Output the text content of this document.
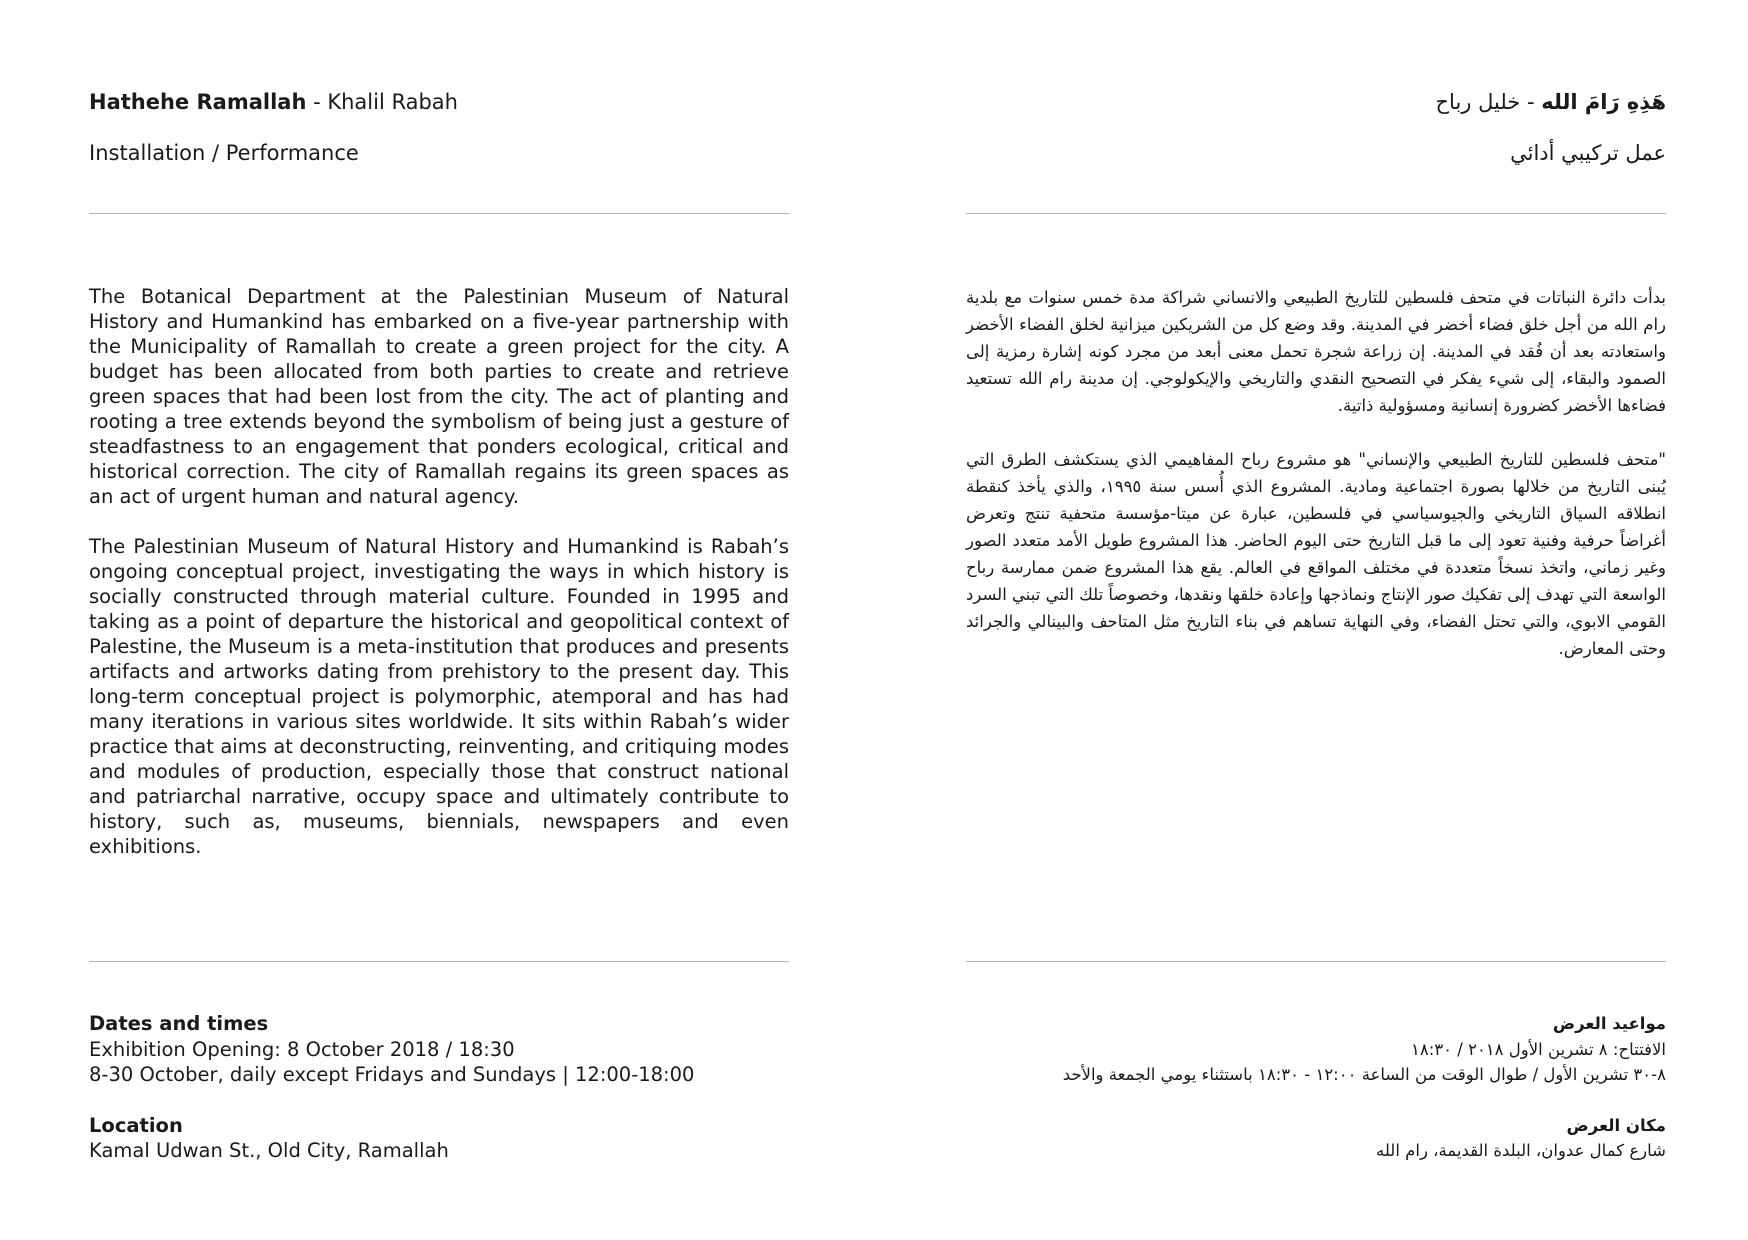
Hathehe Ramallah - Khalil Rabah
Installation / Performance

The Botanical Department at the Palestinian Museum of Natural History and Humankind has embarked on a five-year partnership with the Municipality of Ramallah to create a green project for the city. A budget has been allocated from both parties to create and retrieve green spaces that had been lost from the city. The act of planting and rooting a tree extends beyond the symbolism of being just a gesture of steadfastness to an engagement that ponders ecological, critical and historical correction. The city of Ramallah regains its green spaces as an act of urgent human and natural agency.

The Palestinian Museum of Natural History and Humankind is Rabah’s ongoing conceptual project, investigating the ways in which history is socially constructed through material culture. Founded in 1995 and taking as a point of departure the historical and geopolitical context of Palestine, the Museum is a meta-institution that produces and presents artifacts and artworks dating from prehistory to the present day. This long-term conceptual project is polymorphic, atemporal and has had many iterations in various sites worldwide. It sits within Rabah’s wider practice that aims at deconstructing, reinventing, and critiquing modes and modules of production, especially those that construct national and patriarchal narrative, occupy space and ultimately contribute to history, such as, museums, biennials, newspapers and even exhibitions.

Dates and times
Exhibition Opening: 8 October 2018 / 18:30
8-30 October, daily except Fridays and Sundays | 12:00-18:00
Location
Kamal Udwan St., Old City, Ramallah
هَذِهِ رَامَ الله - خليل رباح
عمل تركيبي أدائي

بدأت دائرة النباتات في متحف فلسطين للتاريخ الطبيعي والانساني شراكة مدة خمس سنوات مع بلدية رام الله من أجل خلق فضاء أخضر في المدينة. وقد وضع كل من الشريكين ميزانية لخلق الفضاء الأخضر واستعادته بعد أن فُقد في المدينة. إن زراعة شجرة تحمل معنى أبعد من مجرد كونه إشارة رمزية إلى الصمود والبقاء، إلى شيء يفكر في التصحيح النقدي والتاريخي والإيكولوجي. إن مدينة رام الله تستعيد فضاءها الأخضر كضرورة إنسانية ومسؤولية ذاتية.

"متحف فلسطين للتاريخ الطبيعي والإنساني" هو مشروع رباح المفاهيمي الذي يستكشف الطرق التي يُبنى التاريخ من خلالها بصورة اجتماعية ومادية. المشروع الذي أُسس سنة ١٩٩٥، والذي يأخذ كنقطة انطلاقه السياق التاريخي والجيوسياسي في فلسطين، عبارة عن ميتا-مؤسسة متحفية تنتج وتعرض أغراضاً حرفية وفنية تعود إلى ما قبل التاريخ حتى اليوم الحاضر. هذا المشروع طويل الأمد متعدد الصور وغير زماني، واتخذ نسخاً متعددة في مختلف المواقع في العالم. يقع هذا المشروع ضمن ممارسة رباح الواسعة التي تهدف إلى تفكيك صور الإنتاج ونماذجها وإعادة خلقها ونقدها، وخصوصاً تلك التي تبني السرد القومي الابوي، والتي تحتل الفضاء، وفي النهاية تساهم في بناء التاريخ مثل المتاحف والبينالي والجرائد وحتى المعارض.

مواعيد العرض
الافتتاح: ٨ تشرين الأول ٢٠١٨ / ١٨:٣٠
٨-٣٠ تشرين الأول / طوال الوقت من الساعة ١٢:٠٠ - ١٨:٣٠ باستثناء يومي الجمعة والأحد
مكان العرض
شارع كمال عدوان، البلدة القديمة، رام الله
